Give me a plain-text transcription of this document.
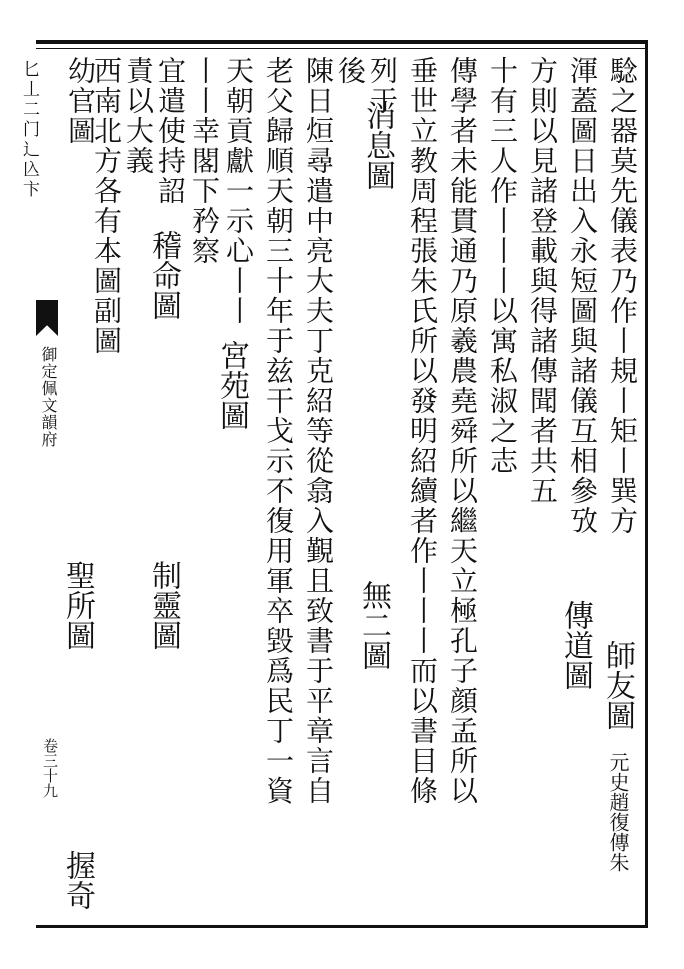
匕丄二门辶兦卞
御定佩文韻府
卷三十九
騐之器莫先儀表乃作丨規丨矩丨巽方
渾蓋圖日出入永短圖與諸儀互相參攷
方則以見諸登載與得諸傳聞者共五
十有三人作丨丨丨以寓私淑之志
傳學者未能貫通乃原羲農堯舜所以繼天立極孔子顔孟所以
垂世立教周程張朱氏所以發明紹續者作丨丨丨而以書目條
列于
後
陳日烜尋遣中亮大夫丁克紹等從翕入覲且致書于平章言自
老父歸順天朝三十年于兹干戈示不復用軍卒毀爲民丁一資
天朝貢獻一示心丨丨
丨丨幸閣下矜察
宜遣使持詔
責以大義
西南北方各有本圖副圖
幼官圖
師友圖
元史趙復傳朱
傳道圖
消息圖
無二圖
宮苑圖
稽命圖
制靈圖
聖所圖
握奇
